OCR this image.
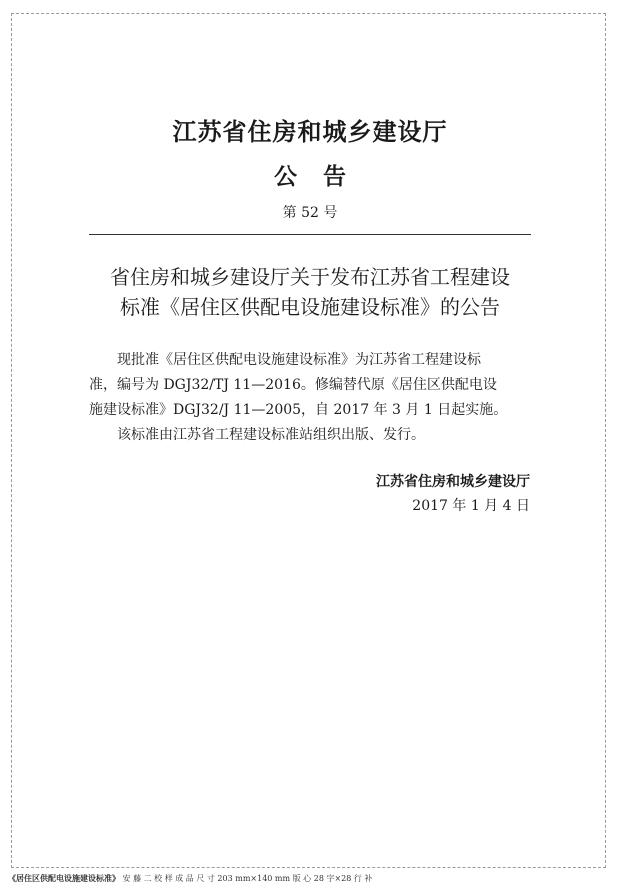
江苏省住房和城乡建设厅
公告
第 52 号
省住房和城乡建设厅关于发布江苏省工程建设
标准《居住区供配电设施建设标准》的公告
现批准《居住区供配电设施建设标准》为江苏省工程建设标
准，编号为 DGJ32/TJ 11—2016。修编替代原《居住区供配电设
施建设标准》DGJ32/J 11—2005，自 2017 年 3 月 1 日起实施。
该标准由江苏省工程建设标准站组织出版、发行。
江苏省住房和城乡建设厅
2017 年 1 月 4 日
《居住区供配电设施建设标准》 安 藤 二 校 样 成 品 尺 寸 203 mm×140 mm 版 心 28 字×28 行 补
